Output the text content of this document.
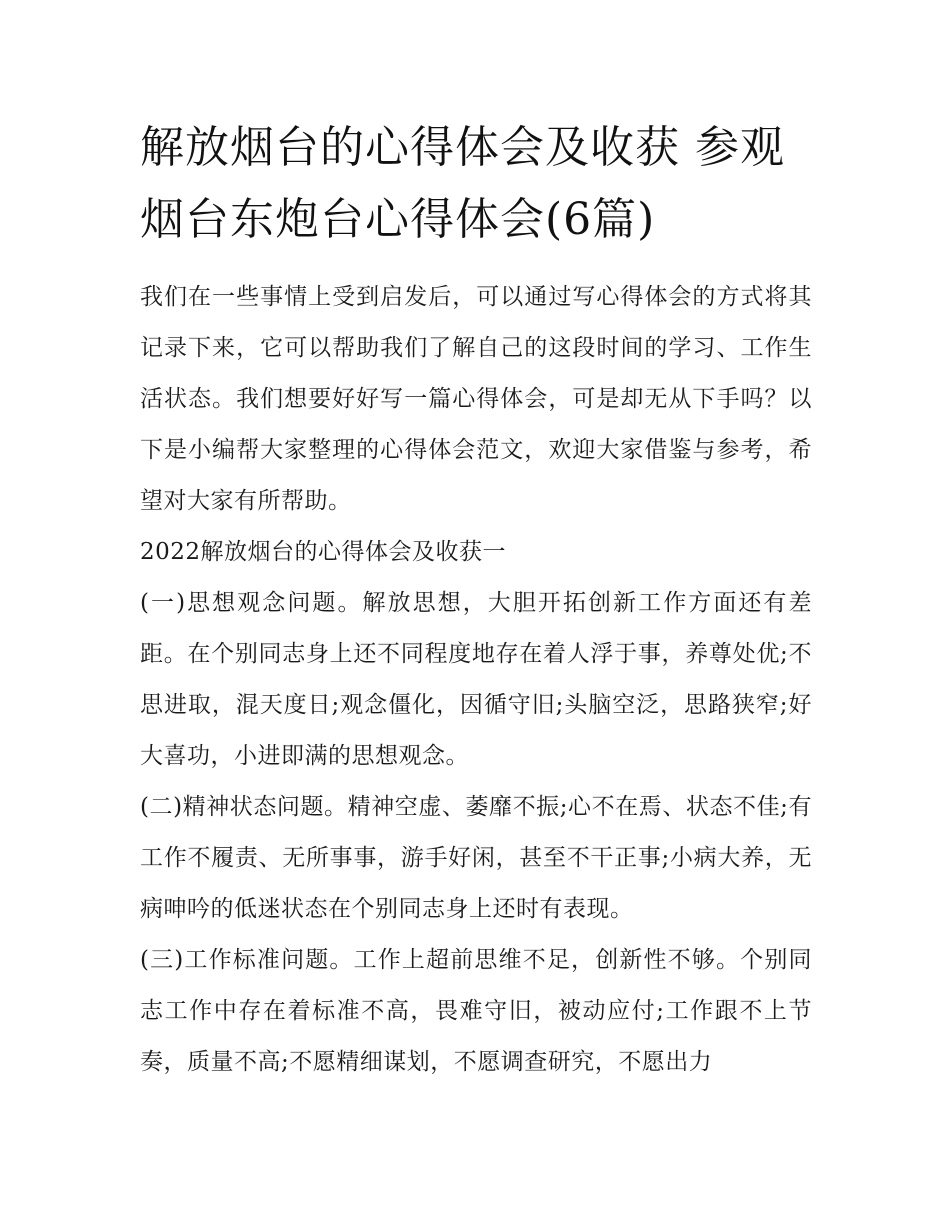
解放烟台的心得体会及收获 参观烟台东炮台心得体会(6篇)

我们在一些事情上受到启发后，可以通过写心得体会的方式将其记录下来，它可以帮助我们了解自己的这段时间的学习、工作生活状态。我们想要好好写一篇心得体会，可是却无从下手吗？以下是小编帮大家整理的心得体会范文，欢迎大家借鉴与参考，希望对大家有所帮助。

2022解放烟台的心得体会及收获一

(一)思想观念问题。解放思想，大胆开拓创新工作方面还有差距。在个别同志身上还不同程度地存在着人浮于事，养尊处优;不思进取，混天度日;观念僵化，因循守旧;头脑空泛，思路狭窄;好大喜功，小进即满的思想观念。

(二)精神状态问题。精神空虚、萎靡不振;心不在焉、状态不佳;有工作不履责、无所事事，游手好闲，甚至不干正事;小病大养，无病呻吟的低迷状态在个别同志身上还时有表现。

(三)工作标准问题。工作上超前思维不足，创新性不够。个别同志工作中存在着标准不高，畏难守旧，被动应付;工作跟不上节奏，质量不高;不愿精细谋划，不愿调查研究，不愿出力
